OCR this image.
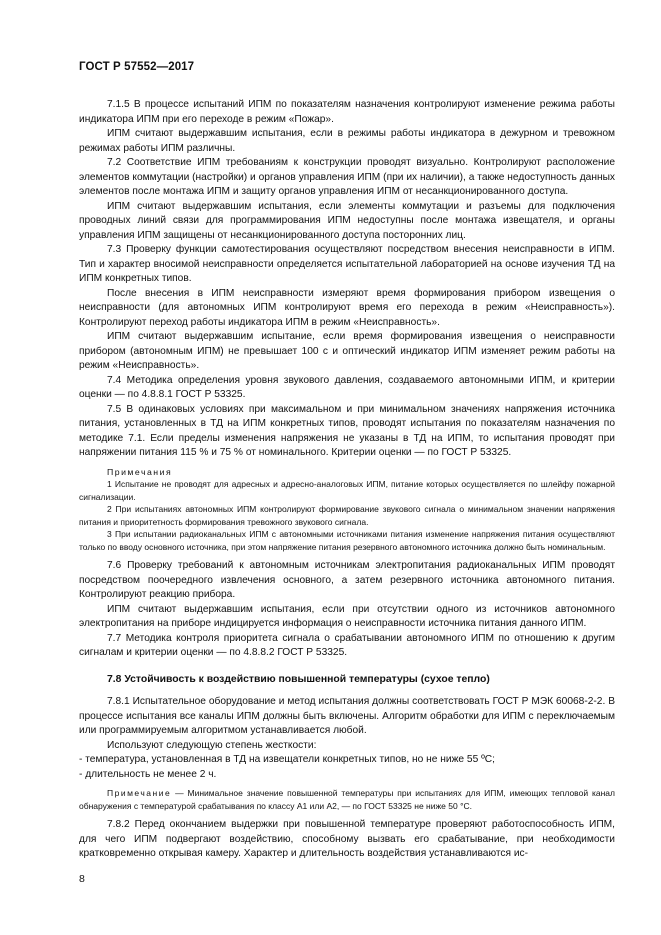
ГОСТ Р 57552—2017

7.1.5 В процессе испытаний ИПМ по показателям назначения контролируют изменение режима работы индикатора ИПМ при его переходе в режим «Пожар».

ИПМ считают выдержавшим испытания, если в режимы работы индикатора в дежурном и тревожном режимах работы ИПМ различны.

7.2 Соответствие ИПМ требованиям к конструкции проводят визуально. Контролируют расположение элементов коммутации (настройки) и органов управления ИПМ (при их наличии), а также недоступность данных элементов после монтажа ИПМ и защиту органов управления ИПМ от несанкционированного доступа.

ИПМ считают выдержавшим испытания, если элементы коммутации и разъемы для подключения проводных линий связи для программирования ИПМ недоступны после монтажа извещателя, и органы управления ИПМ защищены от несанкционированного доступа посторонних лиц.

7.3 Проверку функции самотестирования осуществляют посредством внесения неисправности в ИПМ. Тип и характер вносимой неисправности определяется испытательной лабораторией на основе изучения ТД на ИПМ конкретных типов.

После внесения в ИПМ неисправности измеряют время формирования прибором извещения о неисправности (для автономных ИПМ контролируют время его перехода в режим «Неисправность»). Контролируют переход работы индикатора ИПМ в режим «Неисправность».

ИПМ считают выдержавшим испытание, если время формирования извещения о неисправности прибором (автономным ИПМ) не превышает 100 с и оптический индикатор ИПМ изменяет режим работы на режим «Неисправность».

7.4 Методика определения уровня звукового давления, создаваемого автономными ИПМ, и критерии оценки — по 4.8.8.1 ГОСТ Р 53325.

7.5 В одинаковых условиях при максимальном и при минимальном значениях напряжения источника питания, установленных в ТД на ИПМ конкретных типов, проводят испытания по показателям назначения по методике 7.1. Если пределы изменения напряжения не указаны в ТД на ИПМ, то испытания проводят при напряжении питания 115 % и 75 % от номинального. Критерии оценки — по ГОСТ Р 53325.

Примечания

1 Испытание не проводят для адресных и адресно-аналоговых ИПМ, питание которых осуществляется по шлейфу пожарной сигнализации.

2 При испытаниях автономных ИПМ контролируют формирование звукового сигнала о минимальном значении напряжения питания и приоритетность формирования тревожного звукового сигнала.

3 При испытании радиоканальных ИПМ с автономными источниками питания изменение напряжения питания осуществляют только по вводу основного источника, при этом напряжение питания резервного автономного источника должно быть номинальным.

7.6 Проверку требований к автономным источникам электропитания радиоканальных ИПМ проводят посредством поочередного извлечения основного, а затем резервного источника автономного питания. Контролируют реакцию прибора.

ИПМ считают выдержавшим испытания, если при отсутствии одного из источников автономного электропитания на приборе индицируется информация о неисправности источника питания данного ИПМ.

7.7 Методика контроля приоритета сигнала о срабатывании автономного ИПМ по отношению к другим сигналам и критерии оценки — по 4.8.8.2 ГОСТ Р 53325.

7.8 Устойчивость к воздействию повышенной температуры (сухое тепло)

7.8.1 Испытательное оборудование и метод испытания должны соответствовать ГОСТ Р МЭК 60068-2-2. В процессе испытания все каналы ИПМ должны быть включены. Алгоритм обработки для ИПМ с переключаемым или программируемым алгоритмом устанавливается любой.

Используют следующую степень жесткости:

- температура, установленная в ТД на извещатели конкретных типов, но не ниже 55 ºС;

- длительность не менее 2 ч.

Примечание — Минимальное значение повышенной температуры при испытаниях для ИПМ, имеющих тепловой канал обнаружения с температурой срабатывания по классу А1 или А2, — по ГОСТ 53325 не ниже 50 °С.

7.8.2 Перед окончанием выдержки при повышенной температуре проверяют работоспособность ИПМ, для чего ИПМ подвергают воздействию, способному вызвать его срабатывание, при необходимости кратковременно открывая камеру. Характер и длительность воздействия устанавливаются ис-

8
